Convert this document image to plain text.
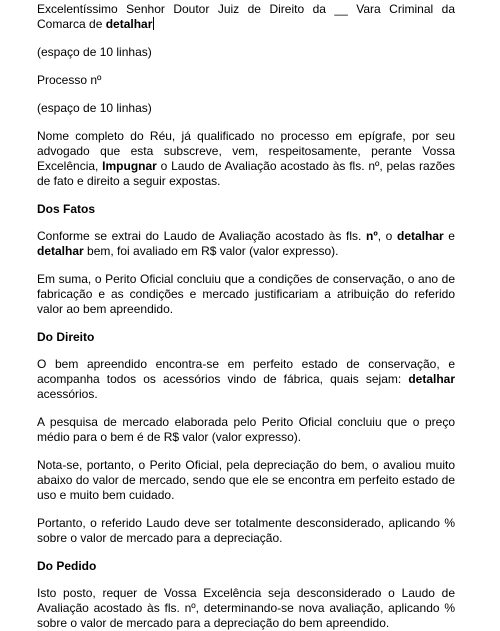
Excelentíssimo Senhor Doutor Juiz de Direito da __ Vara Criminal da Comarca de detalhar

(espaço de 10 linhas)

Processo nº

(espaço de 10 linhas)

Nome completo do Réu, já qualificado no processo em epígrafe, por seu advogado que esta subscreve, vem, respeitosamente, perante Vossa Excelência, Impugnar o Laudo de Avaliação acostado às fls. nº, pelas razões de fato e direito a seguir expostas.

Dos Fatos

Conforme se extrai do Laudo de Avaliação acostado às fls. nº, o detalhar e detalhar bem, foi avaliado em R$ valor (valor expresso).

Em suma, o Perito Oficial concluiu que a condições de conservação, o ano de fabricação e as condições e mercado justificariam a atribuição do referido valor ao bem apreendido.

Do Direito

O bem apreendido encontra-se em perfeito estado de conservação, e acompanha todos os acessórios vindo de fábrica, quais sejam: detalhar acessórios.

A pesquisa de mercado elaborada pelo Perito Oficial concluiu que o preço médio para o bem é de R$ valor (valor expresso).

Nota-se, portanto, o Perito Oficial, pela depreciação do bem, o avaliou muito abaixo do valor de mercado, sendo que ele se encontra em perfeito estado de uso e muito bem cuidado.

Portanto, o referido Laudo deve ser totalmente desconsiderado, aplicando % sobre o valor de mercado para a depreciação.

Do Pedido

Isto posto, requer de Vossa Excelência seja desconsiderado o Laudo de Avaliação acostado às fls. nº, determinando-se nova avaliação, aplicando % sobre o valor de mercado para a depreciação do bem apreendido.
